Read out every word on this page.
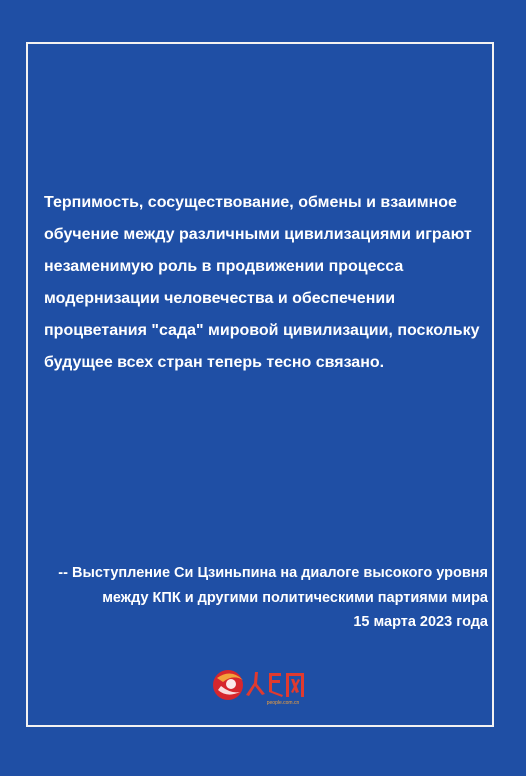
Терпимость, сосуществование, обмены и взаимное
обучение между различными цивилизациями играют
незаменимую роль в продвижении процесса
модернизации человечества и обеспечении
процветания "сада" мировой цивилизации, поскольку
будущее всех стран теперь тесно связано.
-- Выступление Си Цзиньпина на диалоге высокого уровня
между КПК и другими политическими партиями мира
15 марта 2023 года
people.com.cn
